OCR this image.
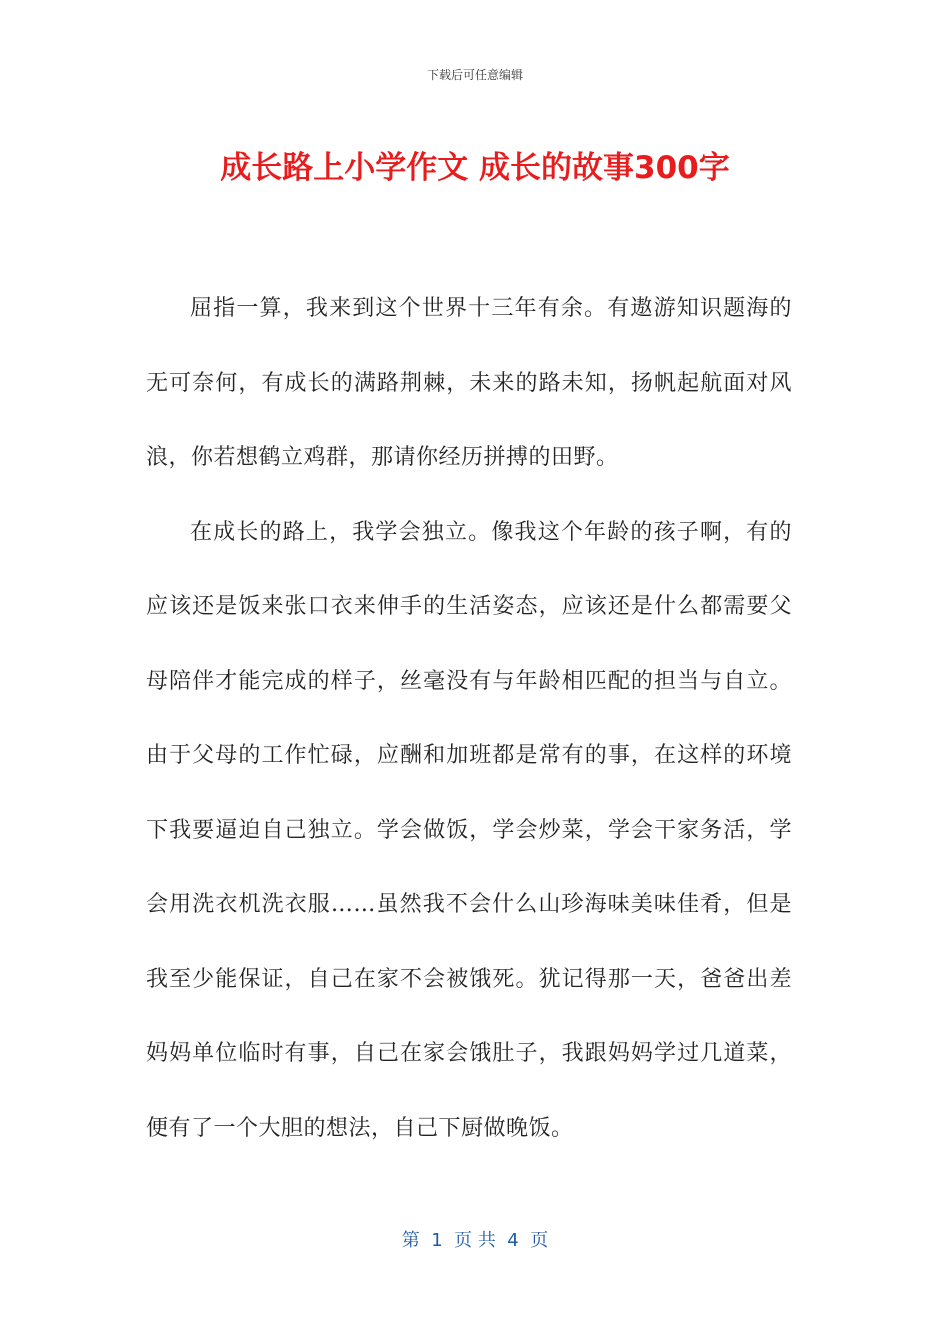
下载后可任意编辑
成长路上小学作文 成长的故事300字

屈指一算，我来到这个世界十三年有余。有遨游知识题海的无可奈何，有成长的满路荆棘，未来的路未知，扬帆起航面对风浪，你若想鹤立鸡群，那请你经历拼搏的田野。

在成长的路上，我学会独立。像我这个年龄的孩子啊，有的应该还是饭来张口衣来伸手的生活姿态，应该还是什么都需要父母陪伴才能完成的样子，丝毫没有与年龄相匹配的担当与自立。由于父母的工作忙碌，应酬和加班都是常有的事，在这样的环境下我要逼迫自己独立。学会做饭，学会炒菜，学会干家务活，学会用洗衣机洗衣服……虽然我不会什么山珍海味美味佳肴，但是我至少能保证，自己在家不会被饿死。犹记得那一天，爸爸出差妈妈单位临时有事，自己在家会饿肚子，我跟妈妈学过几道菜，便有了一个大胆的想法，自己下厨做晚饭。

第  1  页 共  4  页
